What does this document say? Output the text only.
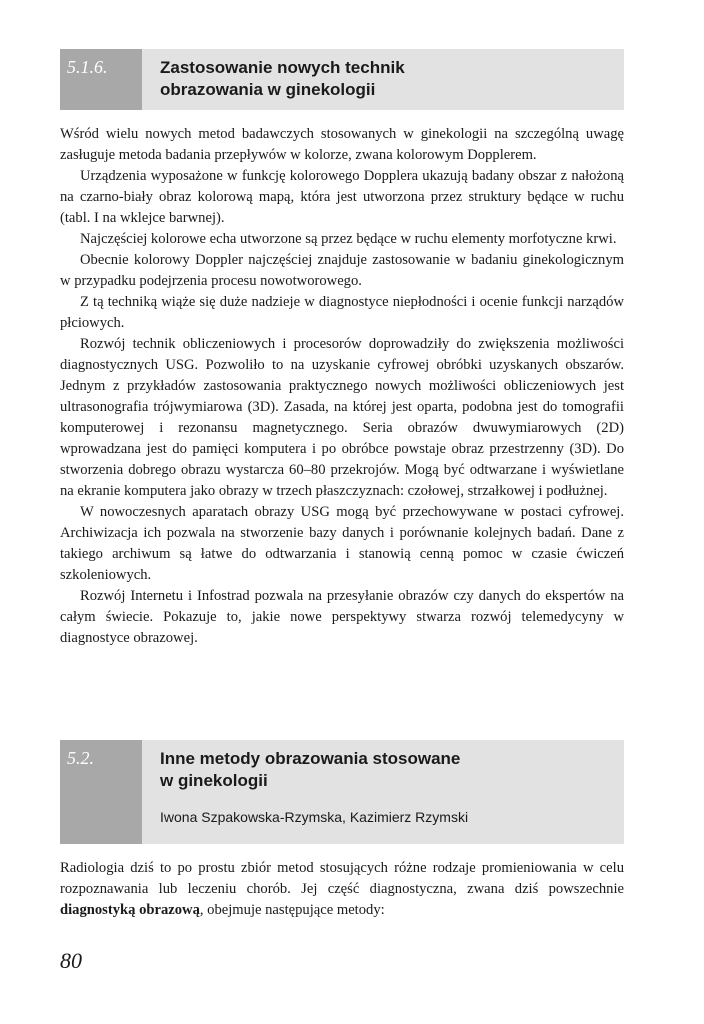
5.1.6.	Zastosowanie nowych technik
obrazowania w ginekologii

Wśród wielu nowych metod badawczych stosowanych w ginekologii na szczególną uwagę zasługuje metoda badania przepływów w kolorze, zwana kolorowym Dopplerem.

Urządzenia wyposażone w funkcję kolorowego Dopplera ukazują badany obszar z nałożoną na czarno-biały obraz kolorową mapą, która jest utworzona przez struktury będące w ruchu (tabl. I na wklejce barwnej).

Najczęściej kolorowe echa utworzone są przez będące w ruchu elementy morfotyczne krwi.

Obecnie kolorowy Doppler najczęściej znajduje zastosowanie w badaniu ginekologicznym w przypadku podejrzenia procesu nowotworowego.

Z tą techniką wiąże się duże nadzieje w diagnostyce niepłodności i ocenie funkcji narządów płciowych.

Rozwój technik obliczeniowych i procesorów doprowadziły do zwiększenia możliwości diagnostycznych USG. Pozwoliło to na uzyskanie cyfrowej obróbki uzyskanych obszarów. Jednym z przykładów zastosowania praktycznego nowych możliwości obliczeniowych jest ultrasonografia trójwymiarowa (3D). Zasada, na której jest oparta, podobna jest do tomografii komputerowej i rezonansu magnetycznego. Seria obrazów dwuwymiarowych (2D) wprowadzana jest do pamięci komputera i po obróbce powstaje obraz przestrzenny (3D). Do stworzenia dobrego obrazu wystarcza 60–80 przekrojów. Mogą być odtwarzane i wyświetlane na ekranie komputera jako obrazy w trzech płaszczyznach: czołowej, strzałkowej i podłużnej.

W nowoczesnych aparatach obrazy USG mogą być przechowywane w postaci cyfrowej. Archiwizacja ich pozwala na stworzenie bazy danych i porównanie kolejnych badań. Dane z takiego archiwum są łatwe do odtwarzania i stanowią cenną pomoc w czasie ćwiczeń szkoleniowych.

Rozwój Internetu i Infostrad pozwala na przesyłanie obrazów czy danych do ekspertów na całym świecie. Pokazuje to, jakie nowe perspektywy stwarza rozwój telemedycyny w diagnostyce obrazowej.

5.2.	Inne metody obrazowania stosowane
w ginekologii
Iwona Szpakowska-Rzymska, Kazimierz Rzymski

Radiologia dziś to po prostu zbiór metod stosujących różne rodzaje promieniowania w celu rozpoznawania lub leczeniu chorób. Jej część diagnostyczna, zwana dziś powszechnie diagnostyką obrazową, obejmuje następujące metody:

80
